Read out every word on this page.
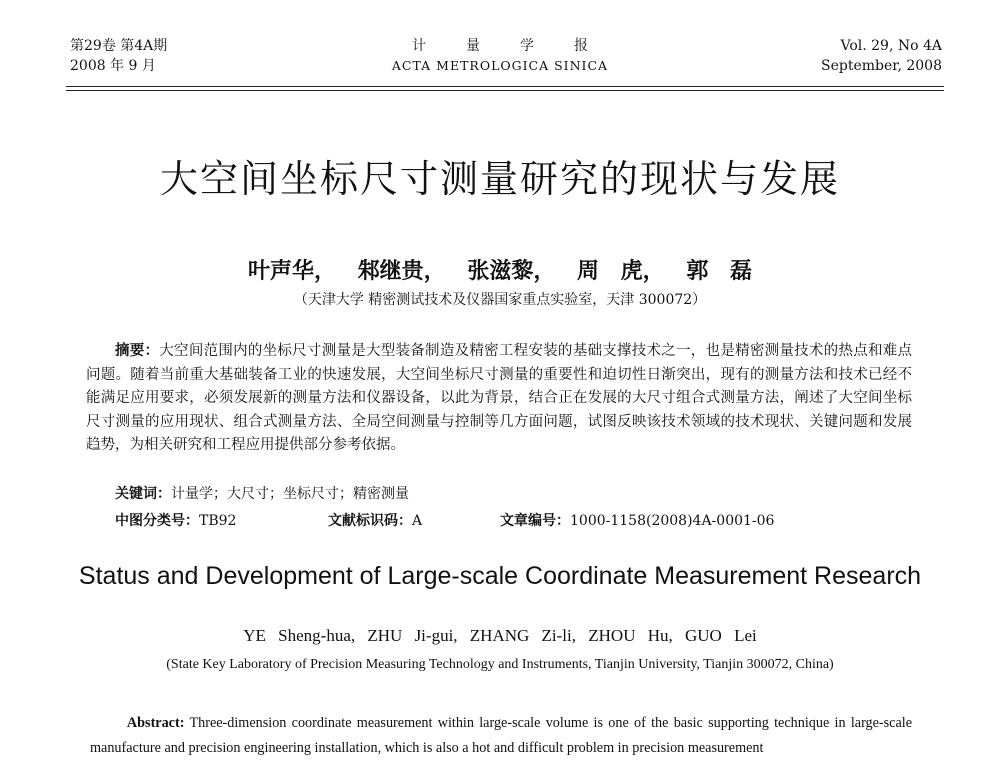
第29卷 第4A期
2008 年 9 月
计量学报
ACTA METROLOGICA SINICA
Vol. 29, No 4A
September, 2008
大空间坐标尺寸测量研究的现状与发展
叶声华， 邾继贵， 张滋黎， 周 虎， 郭 磊
（天津大学 精密测试技术及仪器国家重点实验室，天津 300072）
摘要：大空间范围内的坐标尺寸测量是大型装备制造及精密工程安装的基础支撑技术之一，也是精密测量技术的热点和难点问题。随着当前重大基础装备工业的快速发展，大空间坐标尺寸测量的重要性和迫切性日渐突出，现有的测量方法和技术已经不能满足应用要求，必须发展新的测量方法和仪器设备，以此为背景，结合正在发展的大尺寸组合式测量方法，阐述了大空间坐标尺寸测量的应用现状、组合式测量方法、全局空间测量与控制等几方面问题，试图反映该技术领域的技术现状、关键问题和发展趋势，为相关研究和工程应用提供部分参考依据。
关键词：计量学；大尺寸；坐标尺寸；精密测量
中图分类号：TB92	文献标识码：A	文章编号：1000-1158(2008)4A-0001-06
Status and Development of Large-scale Coordinate Measurement Research
YE Sheng-hua, ZHU Ji-gui, ZHANG Zi-li, ZHOU Hu, GUO Lei
(State Key Laboratory of Precision Measuring Technology and Instruments, Tianjin University, Tianjin 300072, China)
Abstract: Three-dimension coordinate measurement within large-scale volume is one of the basic supporting technique in large-scale manufacture and precision engineering installation, which is also a hot and difficult problem in precision measurement
